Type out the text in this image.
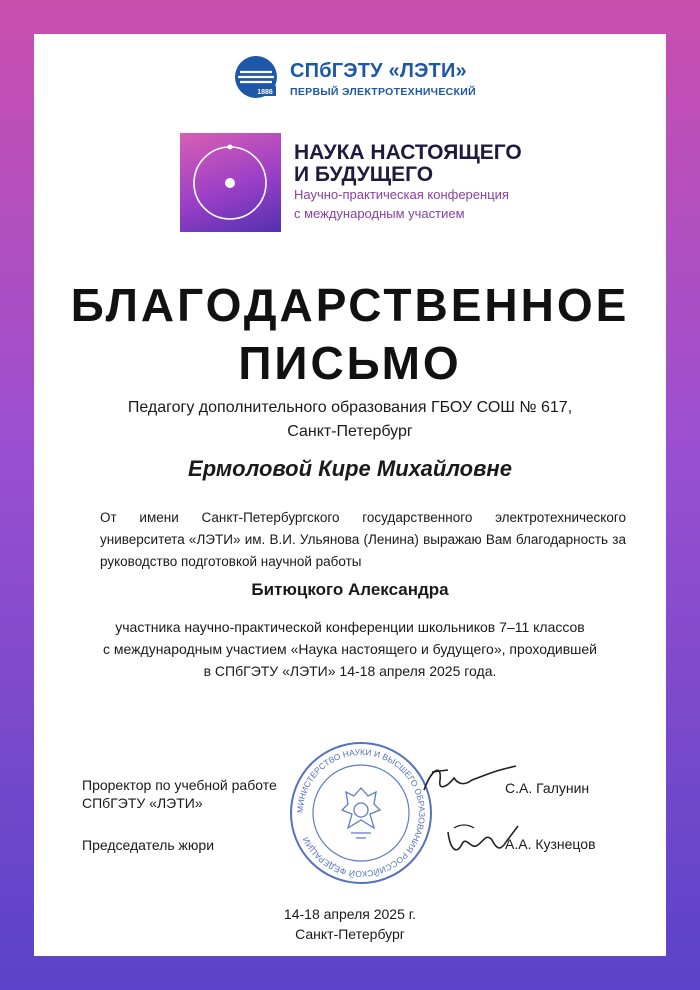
1886
СПбГЭТУ «ЛЭТИ»
ПЕРВЫЙ ЭЛЕКТРОТЕХНИЧЕСКИЙ
НАУКА НАСТОЯЩЕГО
И БУДУЩЕГО
Научно-практическая конференция
с международным участием
БЛАГОДАРСТВЕННОЕ
ПИСЬМО
Педагогу дополнительного образования ГБОУ СОШ № 617,
Санкт-Петербург
Ермоловой Кире Михайловне
От имени Санкт-Петербургского государственного электротехнического университета «ЛЭТИ» им. В.И. Ульянова (Ленина) выражаю Вам благодарность за руководство подготовкой научной работы
Битюцкого Александра
участника научно-практической конференции школьников 7–11 классов
с международным участием «Наука настоящего и будущего», проходившей
в СПбГЭТУ «ЛЭТИ» 14-18 апреля 2025 года.
МИНИСТЕРСТВО НАУКИ И ВЫСШЕГО ОБРАЗОВАНИЯ РОССИЙСКОЙ ФЕДЕРАЦИИ
Проректор по учебной работе
СПбГЭТУ «ЛЭТИ»
С.А. Галунин
Председатель жюри	А.А. Кузнецов
14-18 апреля 2025 г.
Санкт-Петербург
